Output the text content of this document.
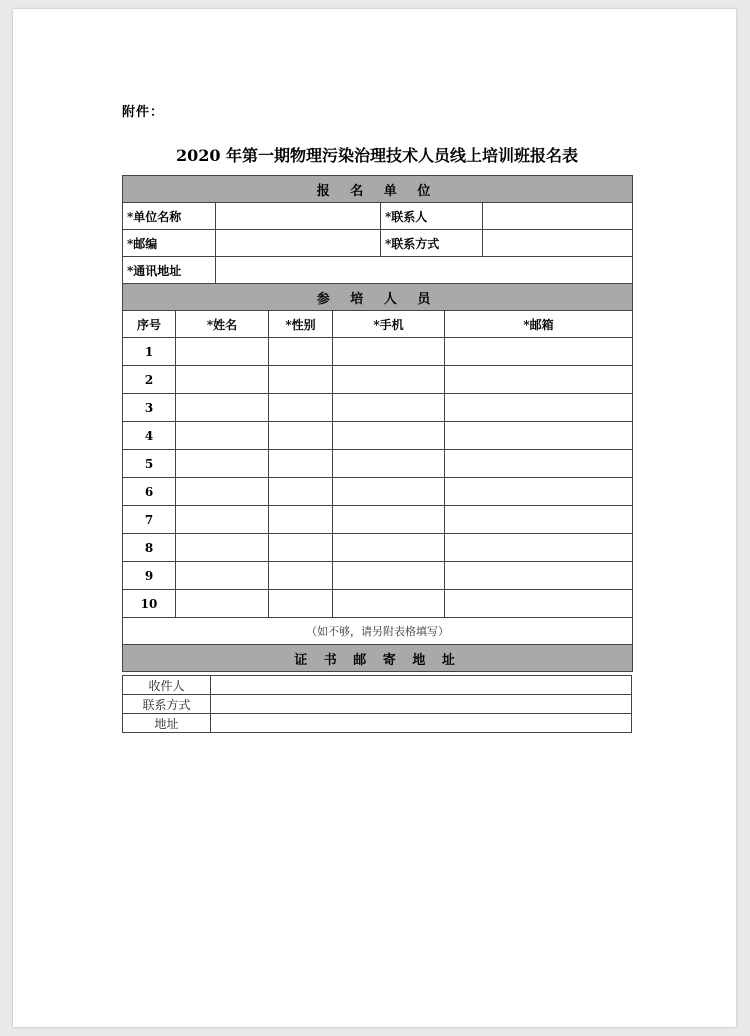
附件：
2020 年第一期物理污染治理技术人员线上培训班报名表
报 名 单 位							
*单位名称					*联系人		
*邮编					*联系方式		
*通讯地址							
参 培 人 员							
序号	*姓名		*性别	*手机		*邮箱	
1							
2							
3							
4							
5							
6							
7							
8							
9							
10							
（如不够，请另附表格填写）							
证 书 邮 寄 地 址							
收件人	
联系方式	
地址	
